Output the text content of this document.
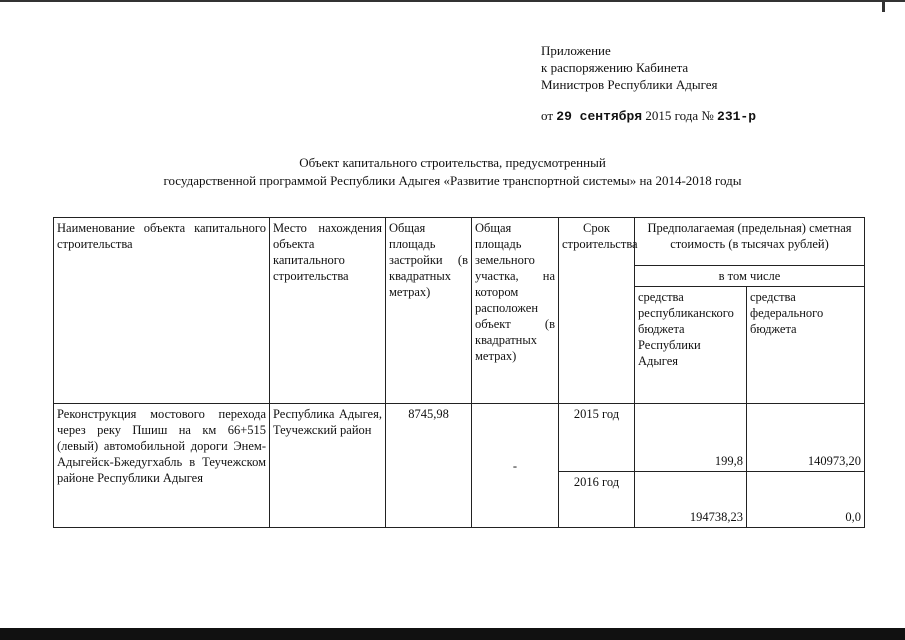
Приложение
к распоряжению Кабинета
Министров Республики Адыгея
от 29 сентября 2015 года № 231-р
Объект капитального строительства, предусмотренный
государственной программой Республики Адыгея «Развитие транспортной системы» на 2014-2018 годы
Наименование объекта капитального строительства	Место нахождения объекта капитального строительства	Общая площадь застройки (в квадратных метрах)	Общая площадь земельного участка, на котором расположен объект (в квадратных метрах)	Срок строительства	Предполагаемая (предельная) сметная стоимость (в тысячах рублей)	
					в том числе	
					средства республиканского бюджета Республики Адыгея	средства федерального бюджета
Реконструкция мостового перехода через реку Пшиш на км 66+515 (левый) автомобильной дороги Энем-Адыгейск-Бжедугхабль в Теучежском районе Республики Адыгея	Республика Адыгея, Теучежский район	8745,98	-	2015 год	199,8	140973,20
				2016 год	194738,23	0,0
